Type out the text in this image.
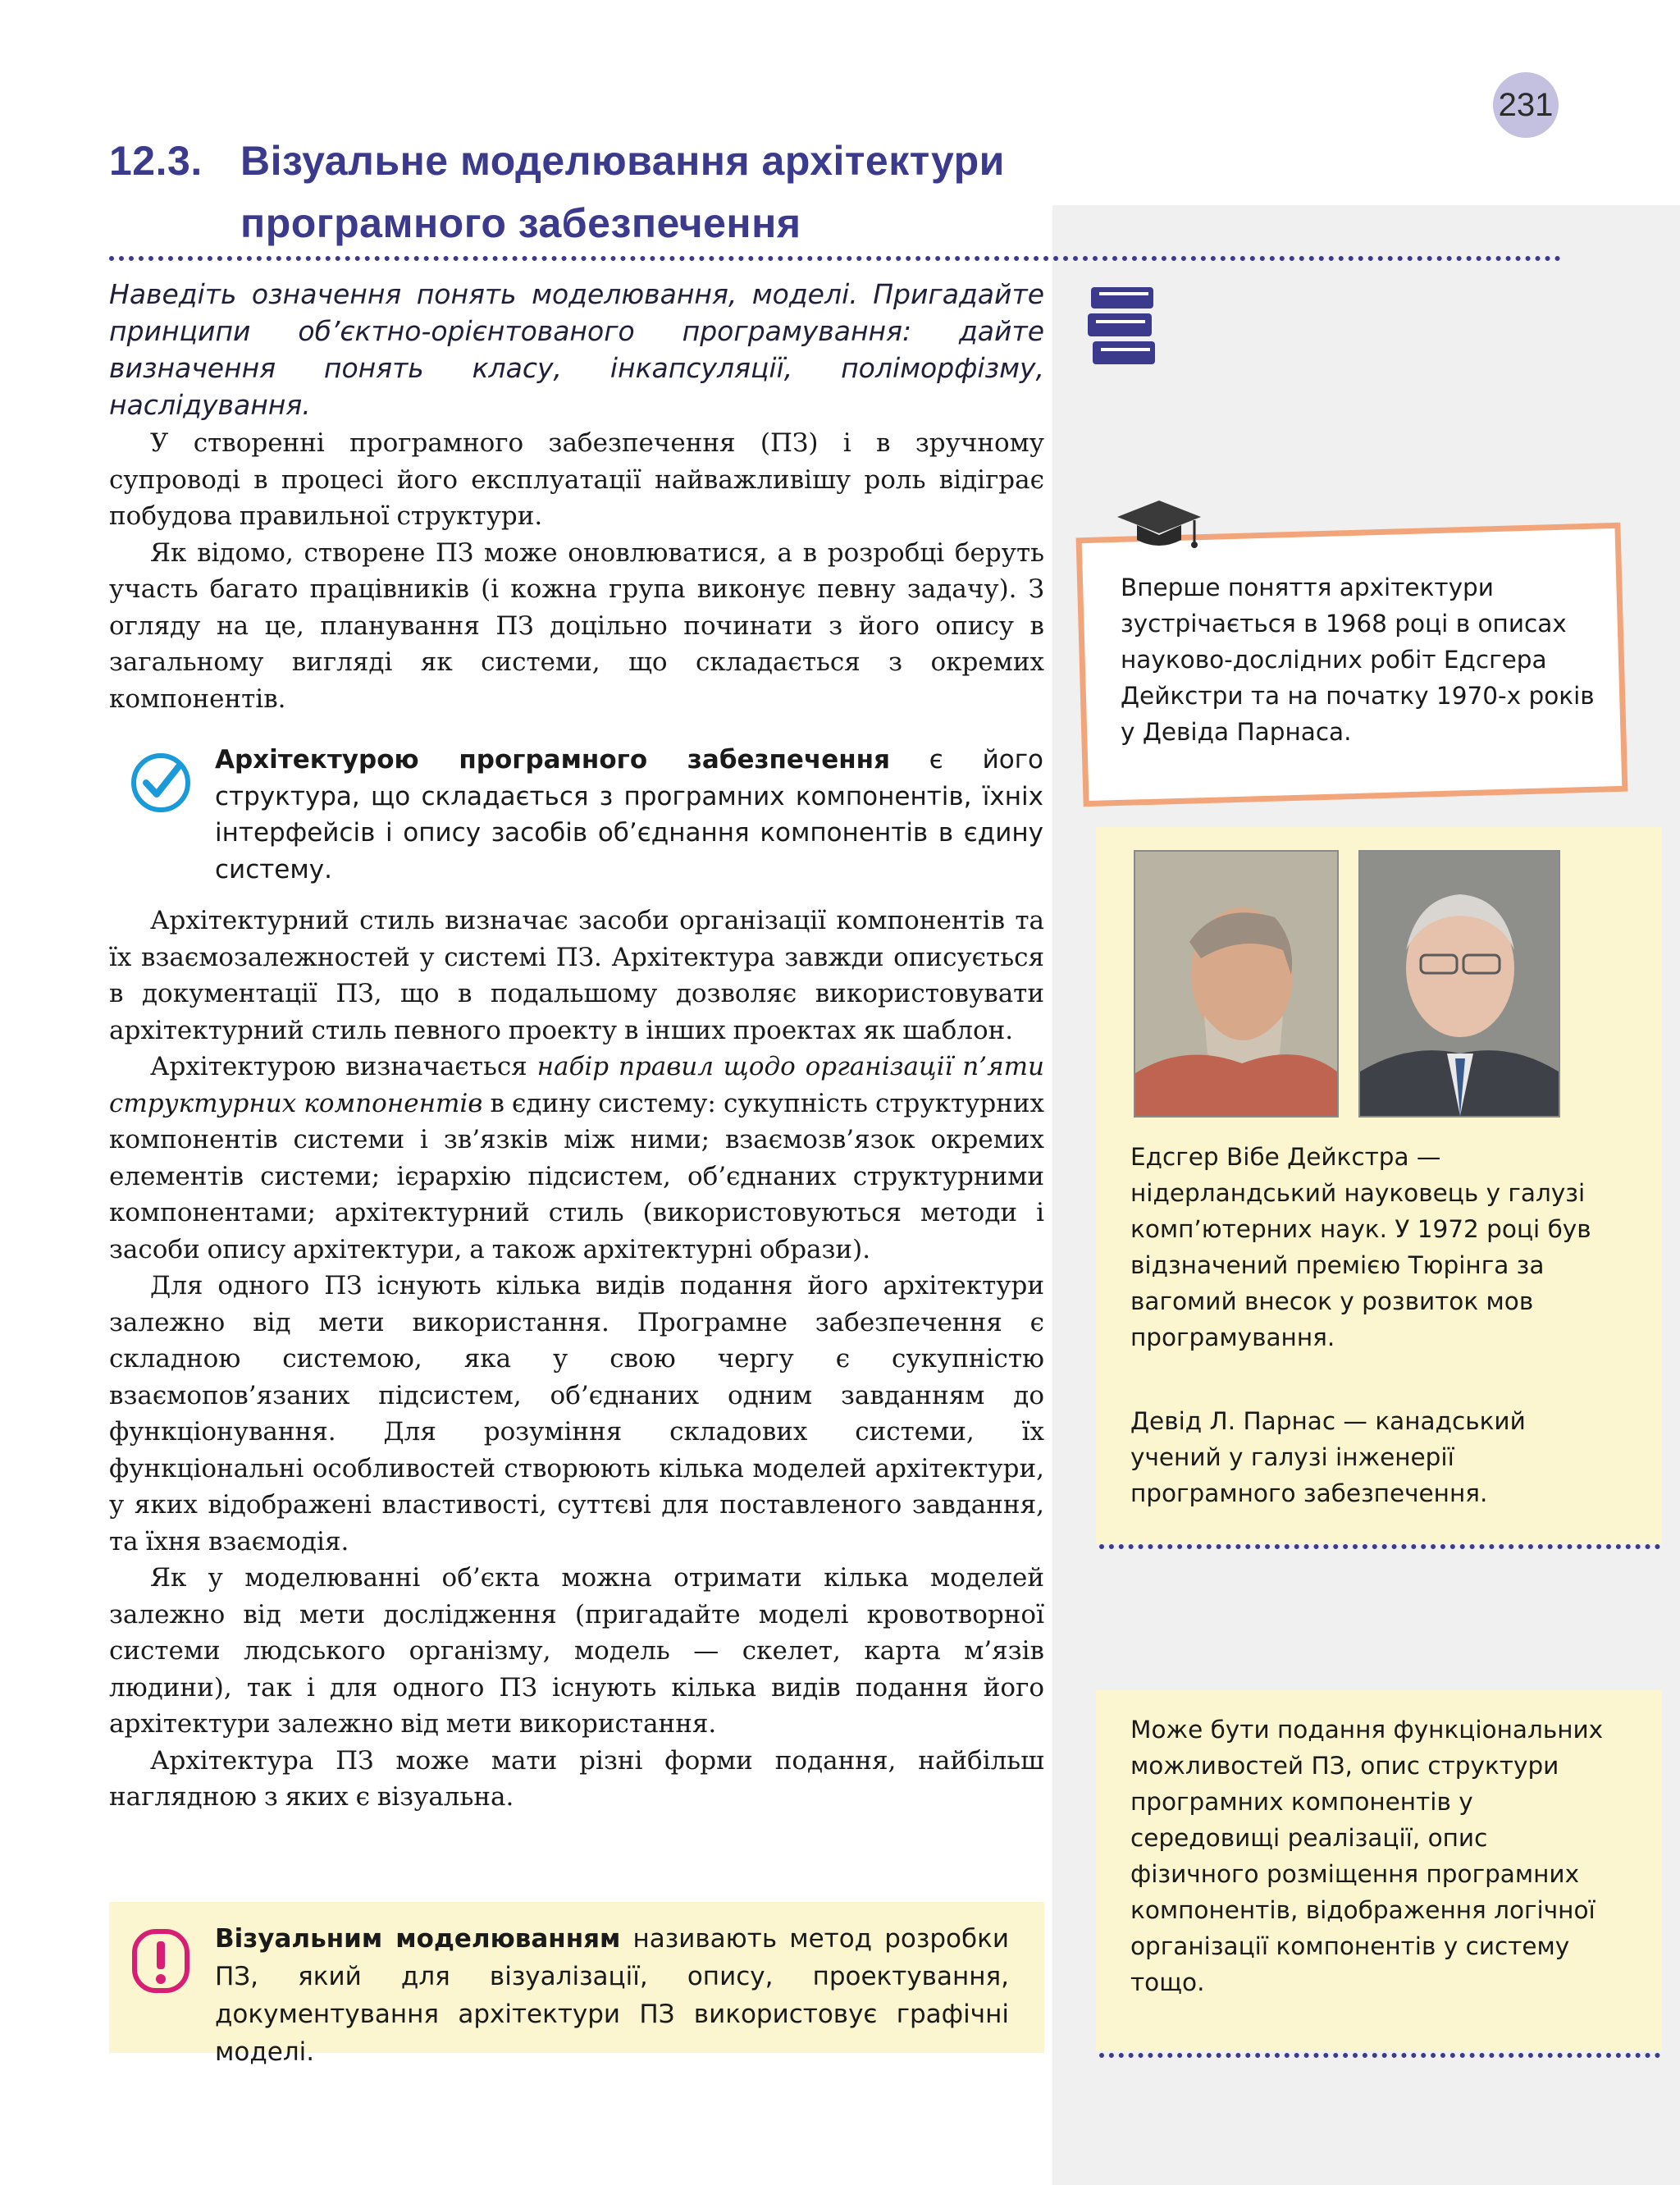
231
12.3. Візуальне моделювання архітектури
програмного забезпечення
Наведіть означення понять моделювання, моделі. Пригадайте принципи об’єктно-орієнтованого програмування: дайте визначення понять класу, інкапсуляції, поліморфізму, наслідування.

У створенні програмного забезпечення (ПЗ) і в зручному супроводі в процесі його експлуатації найважливішу роль відіграє побудова правильної структури.

Як відомо, створене ПЗ може оновлюватися, а в розробці беруть участь багато працівників (і кожна група виконує певну задачу). З огляду на це, планування ПЗ доцільно починати з його опису в загальному вигляді як системи, що складається з окремих компонентів.

Архітектурою програмного забезпечення є його структура, що складається з програмних компонентів, їхніх інтерфейсів і опису засобів об’єднання компонентів в єдину систему.

Архітектурний стиль визначає засоби організації компонентів та їх взаємозалежностей у системі ПЗ. Архітектура завжди описується в документації ПЗ, що в подальшому дозволяє використовувати архітектурний стиль певного проекту в інших проектах як шаблон.

Архітектурою визначається набір правил щодо організації п’яти структурних компонентів в єдину систему: сукупність структурних компонентів системи і зв’язків між ними; взаємозв’язок окремих елементів системи; ієрархію підсистем, об’єднаних структурними компонентами; архітектурний стиль (використовуються методи і засоби опису архітектури, а також архітектурні образи).

Для одного ПЗ існують кілька видів подання його архітектури залежно від мети використання. Програмне забезпечення є складною системою, яка у свою чергу є сукупністю взаємопов’язаних підсистем, об’єднаних одним завданням до функціонування. Для розуміння складових системи, їх функціональні особливостей створюють кілька моделей архітектури, у яких відображені властивості, суттєві для поставленого завдання, та їхня взаємодія.

Як у моделюванні об’єкта можна отримати кілька моделей залежно від мети дослідження (пригадайте моделі кровотворної системи людського організму, модель — скелет, карта м’язів людини), так і для одного ПЗ існують кілька видів подання його архітектури залежно від мети використання.

Архітектура ПЗ може мати різні форми подання, найбільш наглядною з яких є візуальна.

Візуальним моделюванням називають метод розробки ПЗ, який для візуалізації, опису, проектування, документування архітектури ПЗ використовує графічні моделі.
Вперше поняття архітектури зустрічається в 1968 році в описах науково-дослідних робіт Едсгера Дейкстри та на початку 1970-х років у Девіда Парнаса.
Едсгер Вібе Дейкстра — нідерландський науковець у галузі комп’ютерних наук. У 1972 році був відзначений премією Тюрінга за вагомий внесок у розвиток мов програмування.
Девід Л. Парнас — канадський учений у галузі інженерії програмного забезпечення.
Може бути подання функціональних можливостей ПЗ, опис структури програмних компонентів у середовищі реалізації, опис фізичного розміщення програмних компонентів, відображення логічної організації компонентів у систему тощо.
